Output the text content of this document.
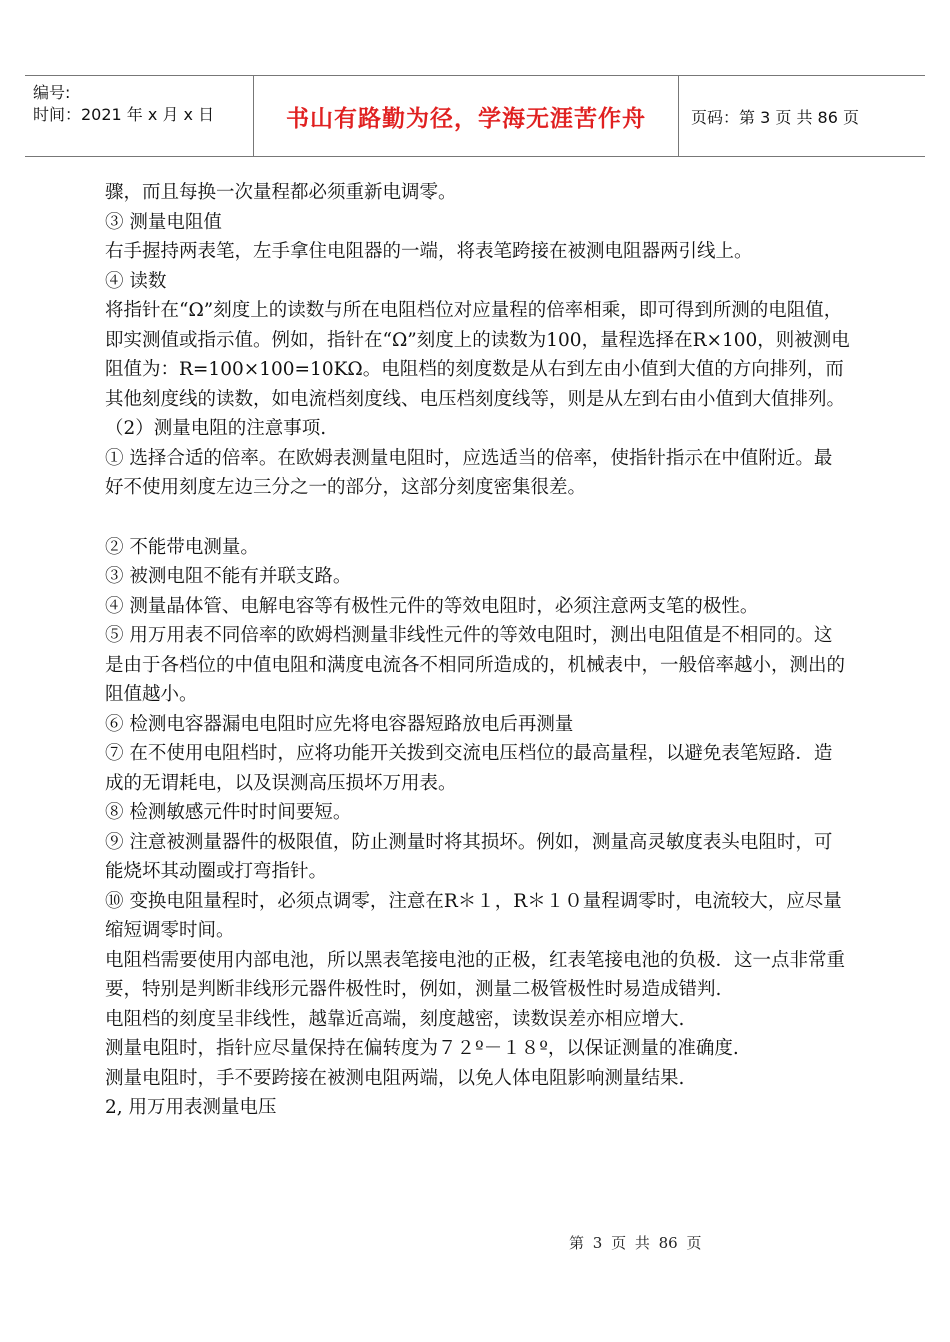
编号:
时间：2021 年 x 月 x 日	书山有路勤为径，学海无涯苦作舟	页码：第 3 页 共 86 页

骤，而且每换一次量程都必须重新电调零。

③ 测量电阻值

右手握持两表笔，左手拿住电阻器的一端，将表笔跨接在被测电阻器两引线上。

④ 读数

将指针在“Ω”刻度上的读数与所在电阻档位对应量程的倍率相乘，即可得到所测的电阻值，即实测值或指示值。例如，指针在“Ω”刻度上的读数为100，量程选择在R×100，则被测电阻值为：R=100×100=10KΩ。电阻档的刻度数是从右到左由小值到大值的方向排列，而其他刻度线的读数，如电流档刻度线、电压档刻度线等，则是从左到右由小值到大值排列。

（2）测量电阻的注意事项.

① 选择合适的倍率。在欧姆表测量电阻时，应选适当的倍率，使指针指示在中值附近。最好不使用刻度左边三分之一的部分，这部分刻度密集很差。

② 不能带电测量。

③ 被测电阻不能有并联支路。

④ 测量晶体管、电解电容等有极性元件的等效电阻时，必须注意两支笔的极性。

⑤ 用万用表不同倍率的欧姆档测量非线性元件的等效电阻时，测出电阻值是不相同的。这是由于各档位的中值电阻和满度电流各不相同所造成的，机械表中，一般倍率越小，测出的阻值越小。

⑥ 检测电容器漏电电阻时应先将电容器短路放电后再测量

⑦ 在不使用电阻档时，应将功能开关拨到交流电压档位的最高量程，以避免表笔短路．造成的无谓耗电，以及误测高压损坏万用表。

⑧ 检测敏感元件时时间要短。

⑨ 注意被测量器件的极限值，防止测量时将其损坏。例如，测量高灵敏度表头电阻时，可能烧坏其动圈或打弯指针。

⑩ 变换电阻量程时，必须点调零，注意在R＊１，R＊１０量程调零时，电流较大，应尽量缩短调零时间。

电阻档需要使用内部电池，所以黑表笔接电池的正极，红表笔接电池的负极．这一点非常重要，特别是判断非线形元器件极性时，例如，测量二极管极性时易造成错判.

电阻档的刻度呈非线性，越靠近高端，刻度越密，读数误差亦相应增大.

测量电阻时，指针应尽量保持在偏转度为７２º－１８º，以保证测量的准确度.

测量电阻时，手不要跨接在被测电阻两端，以免人体电阻影响测量结果.

2, 用万用表测量电压

第 3 页 共 86 页
